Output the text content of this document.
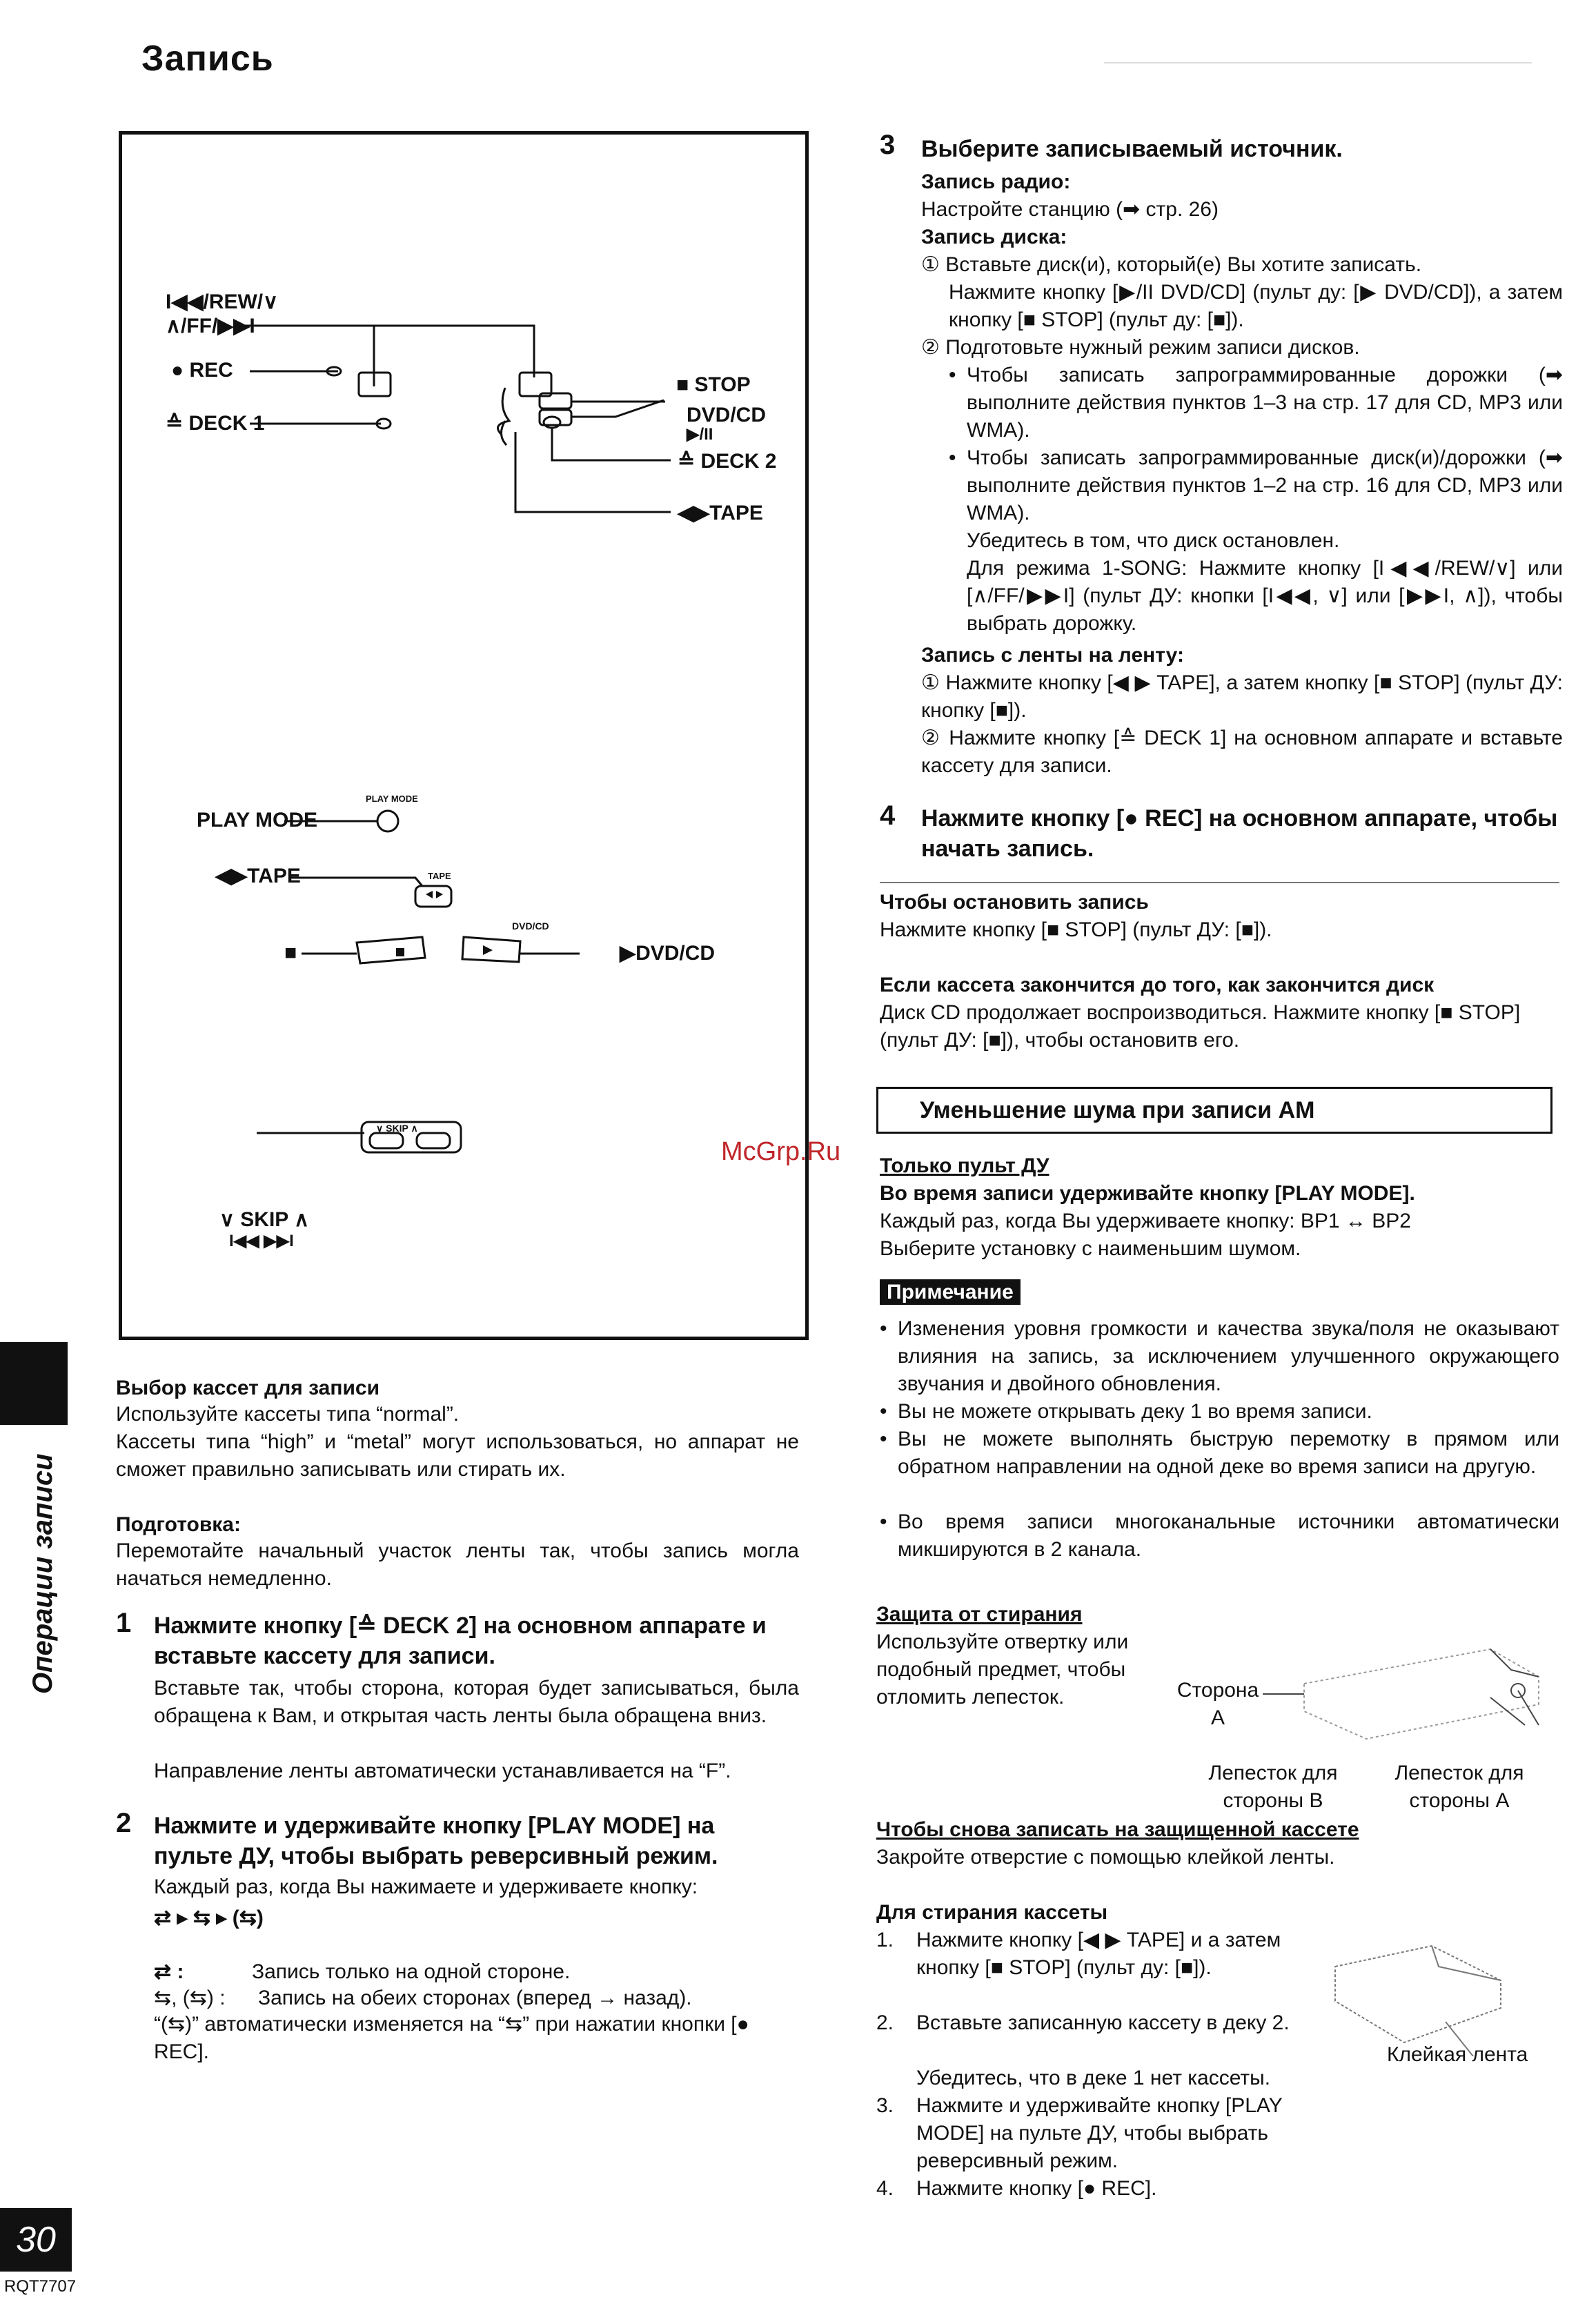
Запись
I◀◀/REW/∨
∧/FF/▶▶I
● REC
≙ DECK 1
■ STOP
DVD/CD
▶/II
≙ DECK 2
◀▶TAPE
PLAY MODE
PLAY MODE
◀▶TAPE	TAPE
■	▶DVD/CD
DVD/CD
∨ SKIP ∧
I◀◀ ▶▶I
∨ SKIP ∧
Выбор кассет для записи
Используйте кассеты типа “normal”.
Кассеты типа “high” и “metal” могут использоваться, но аппарат не сможет правильно записывать или стирать их.
Подготовка:
Перемотайте начальный участок ленты так, чтобы запись могла начаться немедленно.
1 Нажмите кнопку [≙ DECK 2] на основном аппарате и вставьте кассету для записи.
Вставьте так, чтобы сторона, которая будет записываться, была обращена к Вам, и открытая часть ленты была обращена вниз.
Направление ленты автоматически устанавливается на “F”.
2 Нажмите и удерживайте кнопку [PLAY MODE] на пульте ДУ, чтобы выбрать реверсивный режим.
Каждый раз, когда Вы нажимаете и удерживаете кнопку:
⇄ ▸ ⇆ ▸ (⇆)
⇄ :	Запись только на одной стороне.
⇆, (⇆) : Запись на обеих сторонах (вперед → назад).
“(⇆)” автоматически изменяется на “⇆” при нажатии кнопки [● REC].
3 Выберите записываемый источник.
Запись радио:
Настройте станцию (➡ стр. 26)
Запись диска:
① Вставьте диск(и), который(е) Вы хотите записать.
Нажмите кнопку [▶/II DVD/CD] (пульт ду: [▶ DVD/CD]), а затем кнопку [■ STOP] (пульт ду: [■]).
② Подготовьте нужный режим записи дисков.
• Чтобы записать запрограммированные дорожки (➡ выполните действия пунктов 1–3 на стр. 17 для CD, MP3 или WMA).
• Чтобы записать запрограммированные диск(и)/дорожки (➡ выполните действия пунктов 1–2 на стр. 16 для CD, MP3 или WMA).
Убедитесь в том, что диск остановлен.
Для режима 1-SONG: Нажмите кнопку [I◀◀/REW/∨] или [∧/FF/▶▶I] (пульт ДУ: кнопки [I◀◀, ∨] или [▶▶I, ∧]), чтобы выбрать дорожку.
Запись с ленты на ленту:
① Нажмите кнопку [◀ ▶ TAPE], а затем кнопку [■ STOP] (пульт ДУ: кнопку [■]).
② Нажмите кнопку [≙ DECK 1] на основном аппарате и вставьте кассету для записи.
4 Нажмите кнопку [● REC] на основном аппарате, чтобы начать запись.
Чтобы остановить запись
Нажмите кнопку [■ STOP] (пульт ДУ: [■]).
Если кассета закончится до того, как закончится диск
Диск CD продолжает воспроизводиться. Нажмите кнопку [■ STOP] (пульт ДУ: [■]), чтобы остановитв его.
Уменьшение шума при записи AM
McGrp.Ru Только пульт ДУ
Во время записи удерживайте кнопку [PLAY MODE].
Каждый раз, когда Вы удерживаете кнопку: BP1 ↔ BP2
Выберите установку с наименьшим шумом.
Примечание
• Изменения уровня громкости и качества звука/поля не оказывают влияния на запись, за исключением улучшенного окружающего звучания и двойного обновления.
• Вы не можете открывать деку 1 во время записи.
• Вы не можете выполнять быструю перемотку в прямом или обратном направлении на одной деке во время записи на другую.
• Во время записи многоканальные источники автоматически микшируются в 2 канала.
Защита от стирания
Используйте отвертку или подобный предмет, чтобы отломить лепесток.	Сторона A
Лепесток для стороны B
Лепесток для стороны A
Чтобы снова записать на защищенной кассете
Закройте отверстие с помощью клейкой ленты.
Для стирания кассеты
1. Нажмите кнопку [◀ ▶ TAPE] и а затем кнопку [■ STOP] (пульт ду: [■]).
2. Вставьте записанную кассету в деку 2.
Убедитесь, что в деке 1 нет кассеты.
3. Нажмите и удерживайте кнопку [PLAY MODE] на пульте ДУ, чтобы выбрать реверсивный режим.
4. Нажмите кнопку [● REC].
Клейкая лента
Операции записи
30
RQT7707
